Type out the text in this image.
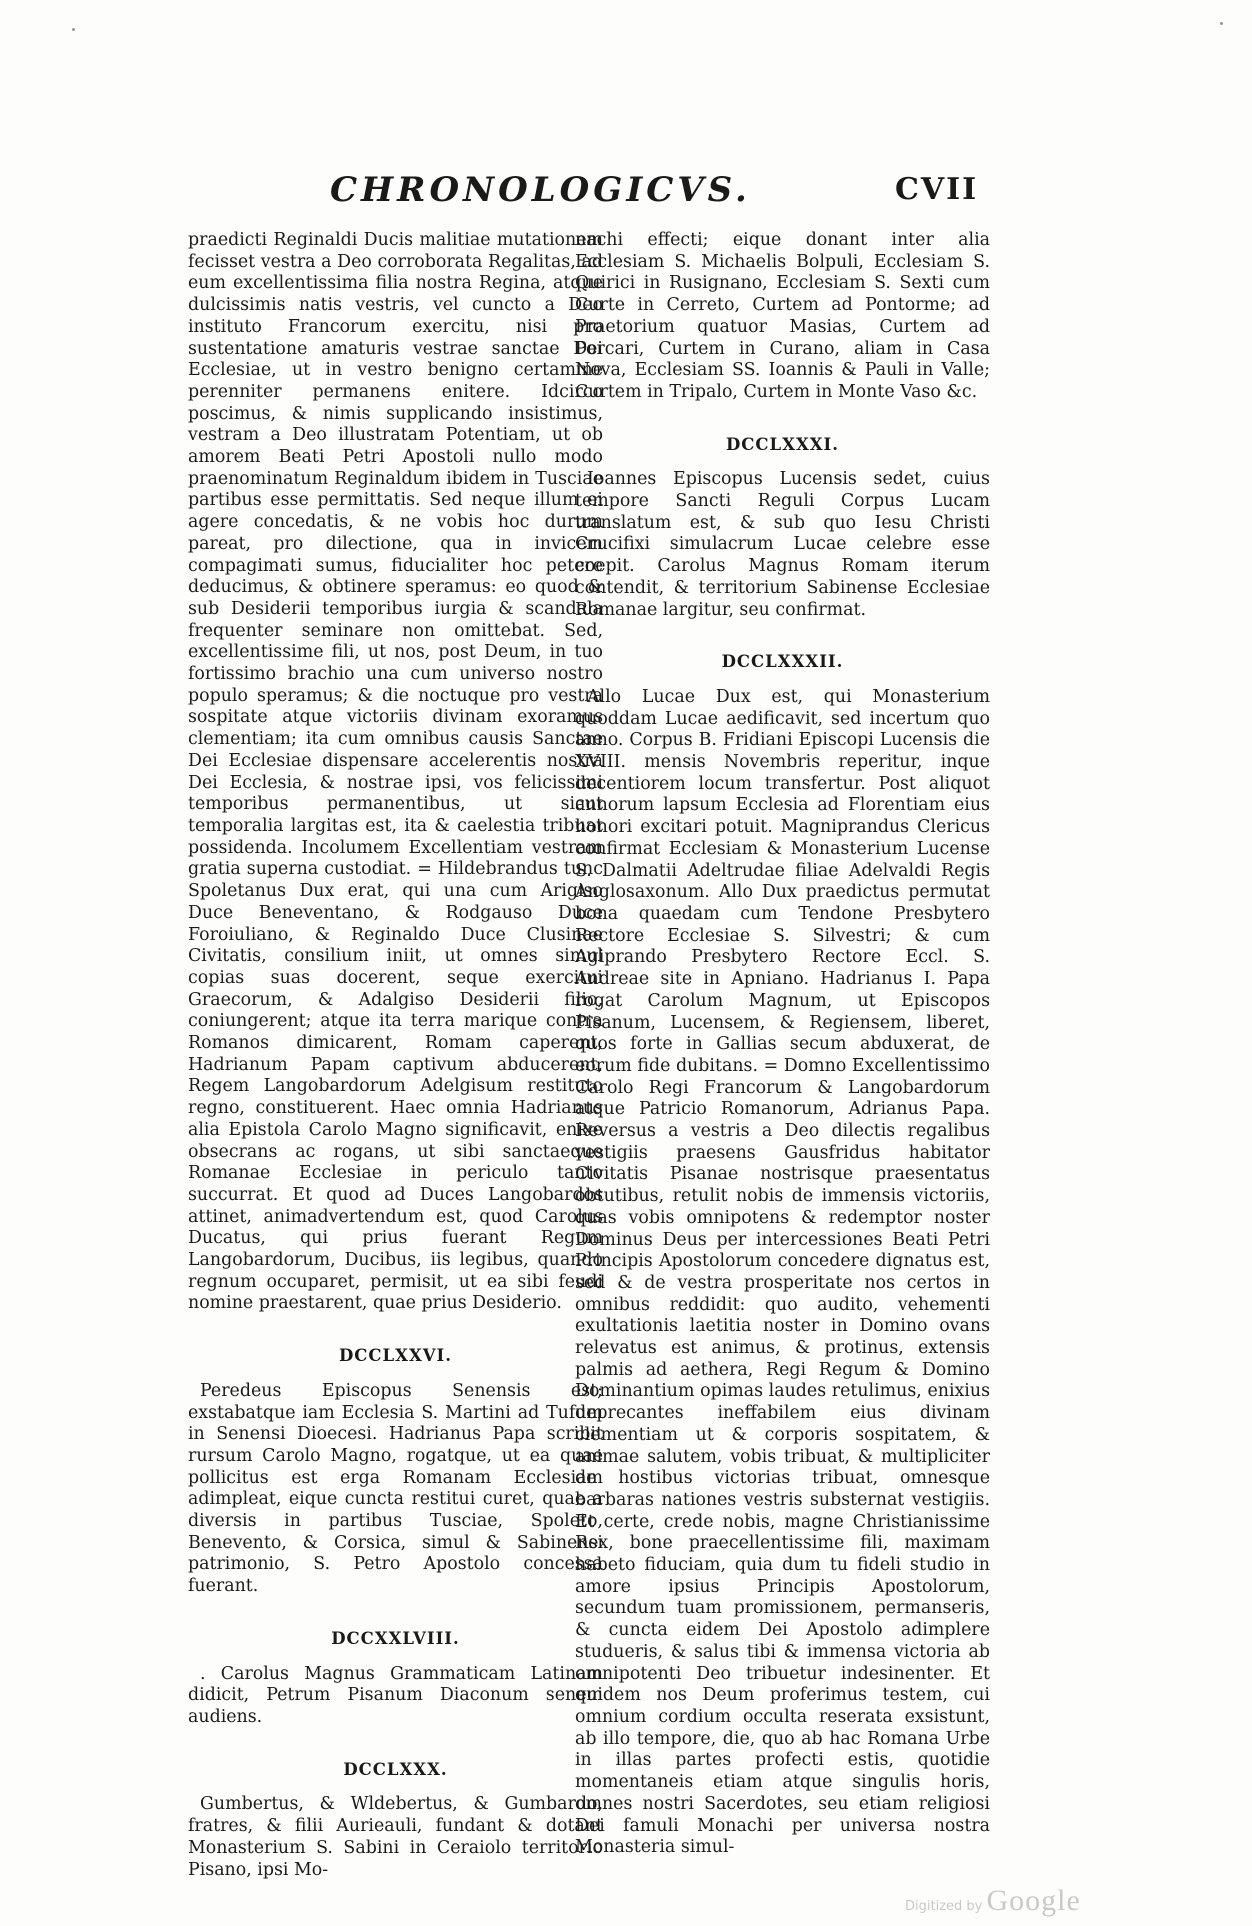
CHRONOLOGICVS.	CVII

praedicti Reginaldi Ducis malitiae mutationem fecisset vestra a Deo corroborata Regalitas, ad eum excellentissima filia nostra Regina, atque dulcissimis natis vestris, vel cuncto a Deo instituto Francorum exercitu, nisi pro sustentatione amaturis vestrae sanctae Dei Ecclesiae, ut in vestro benigno certamine perenniter permanens enitere. Idcirco poscimus, & nimis supplicando insistimus, vestram a Deo illustratam Potentiam, ut ob amorem Beati Petri Apostoli nullo modo praenominatum Reginaldum ibidem in Tusciae partibus esse permittatis. Sed neque illum ei agere concedatis, & ne vobis hoc durum pareat, pro dilectione, qua in invicem compagimati sumus, fiducialiter hoc petere deducimus, & obtinere speramus: eo quod & sub Desiderii temporibus iurgia & scandala frequenter seminare non omittebat. Sed, excellentissime fili, ut nos, post Deum, in tuo fortissimo brachio una cum universo nostro populo speramus; & die noctuque pro vestra sospitate atque victoriis divinam exoramus clementiam; ita cum omnibus causis Sanctae Dei Ecclesiae dispensare accelerentis nostra Dei Ecclesia, & nostrae ipsi, vos felicissimi temporibus permanentibus, ut sicut temporalia largitas est, ita & caelestia tribuat possidenda. Incolumem Excellentiam vestram gratia superna custodiat. = Hildebrandus tunc Spoletanus Dux erat, qui una cum Arigiso Duce Beneventano, & Rodgauso Duce Foroiuliano, & Reginaldo Duce Clusinae Civitatis, consilium iniit, ut omnes simul copias suas docerent, seque exercitui Graecorum, & Adalgiso Desiderii filio, coniungerent; atque ita terra marique contra Romanos dimicarent, Romam caperent, Hadrianum Papam captivum abducerent, Regem Langobardorum Adelgisum restituto regno, constituerent. Haec omnia Hadrianus alia Epistola Carolo Magno significavit, enixe obsecrans ac rogans, ut sibi sanctaeque Romanae Ecclesiae in periculo tanto succurrat. Et quod ad Duces Langobardos attinet, animadvertendum est, quod Carolus Ducatus, qui prius fuerant Regum Langobardorum, Ducibus, iis legibus, quando regnum occuparet, permisit, ut ea sibi feudi nomine praestarent, quae prius Desiderio.

DCCLXXVI.

Peredeus Episcopus Senensis est; exstabatque iam Ecclesia S. Martini ad Tufum in Senensi Dioecesi. Hadrianus Papa scribit rursum Carolo Magno, rogatque, ut ea quae pollicitus est erga Romanam Ecclesiam adimpleat, eique cuncta restitui curet, quae a diversis in partibus Tusciae, Spoleto, Benevento, & Corsica, simul & Sabinensi patrimonio, S. Petro Apostolo concessa fuerant.

DCCXXLVIII.

. Carolus Magnus Grammaticam Latinam didicit, Petrum Pisanum Diaconum senem audiens.

DCCLXXX.

Gumbertus, & Wldebertus, & Gumbardo, fratres, & filii Aurieauli, fundant & dotant Monasterium S. Sabini in Ceraiolo territorio Pisano, ipsi Mo-

nachi effecti; eique donant inter alia Ecclesiam S. Michaelis Bolpuli, Ecclesiam S. Quirici in Rusignano, Ecclesiam S. Sexti cum Curte in Cerreto, Curtem ad Pontorme; ad Praetorium quatuor Masias, Curtem ad Porcari, Curtem in Curano, aliam in Casa Nova, Ecclesiam SS. Ioannis & Pauli in Valle; Curtem in Tripalo, Curtem in Monte Vaso &c.

DCCLXXXI.

Ioannes Episcopus Lucensis sedet, cuius tempore Sancti Reguli Corpus Lucam translatum est, & sub quo Iesu Christi Crucifixi simulacrum Lucae celebre esse coepit. Carolus Magnus Romam iterum contendit, & territorium Sabinense Ecclesiae Romanae largitur, seu confirmat.

DCCLXXXII.

Allo Lucae Dux est, qui Monasterium quoddam Lucae aedificavit, sed incertum quo anno. Corpus B. Fridiani Episcopi Lucensis die XVIII. mensis Novembris reperitur, inque decentiorem locum transfertur. Post aliquot annorum lapsum Ecclesia ad Florentiam eius honori excitari potuit. Magniprandus Clericus confirmat Ecclesiam & Monasterium Lucense S. Dalmatii Adeltrudae filiae Adelvaldi Regis Anglosaxonum. Allo Dux praedictus permutat bona quaedam cum Tendone Presbytero Rectore Ecclesiae S. Silvestri; & cum Agiprando Presbytero Rectore Eccl. S. Andreae site in Apniano. Hadrianus I. Papa rogat Carolum Magnum, ut Episcopos Pisanum, Lucensem, & Regiensem, liberet, quos forte in Gallias secum abduxerat, de eorum fide dubitans. = Domno Excellentissimo Carolo Regi Francorum & Langobardorum atque Patricio Romanorum, Adrianus Papa. Reversus a vestris a Deo dilectis regalibus vestigiis praesens Gausfridus habitator Civitatis Pisanae nostrisque praesentatus obtutibus, retulit nobis de immensis victoriis, quas vobis omnipotens & redemptor noster Dominus Deus per intercessiones Beati Petri Principis Apostolorum concedere dignatus est, sed & de vestra prosperitate nos certos in omnibus reddidit: quo audito, vehementi exultationis laetitia noster in Domino ovans relevatus est animus, & protinus, extensis palmis ad aethera, Regi Regum & Domino Dominantium opimas laudes retulimus, enixius deprecantes ineffabilem eius divinam clementiam ut & corporis sospitatem, & animae salutem, vobis tribuat, & multipliciter de hostibus victorias tribuat, omnesque barbaras nationes vestris substernat vestigiis. Et certe, crede nobis, magne Christianissime Rex, bone praecellentissime fili, maximam habeto fiduciam, quia dum tu fideli studio in amore ipsius Principis Apostolorum, secundum tuam promissionem, permanseris, & cuncta eidem Dei Apostolo adimplere studueris, & salus tibi & immensa victoria ab omnipotenti Deo tribuetur indesinenter. Et quidem nos Deum proferimus testem, cui omnium cordium occulta reserata exsistunt, ab illo tempore, die, quo ab hac Romana Urbe in illas partes profecti estis, quotidie momentaneis etiam atque singulis horis, omnes nostri Sacerdotes, seu etiam religiosi Dei famuli Monachi per universa nostra Monasteria simul-

Digitized by Google
